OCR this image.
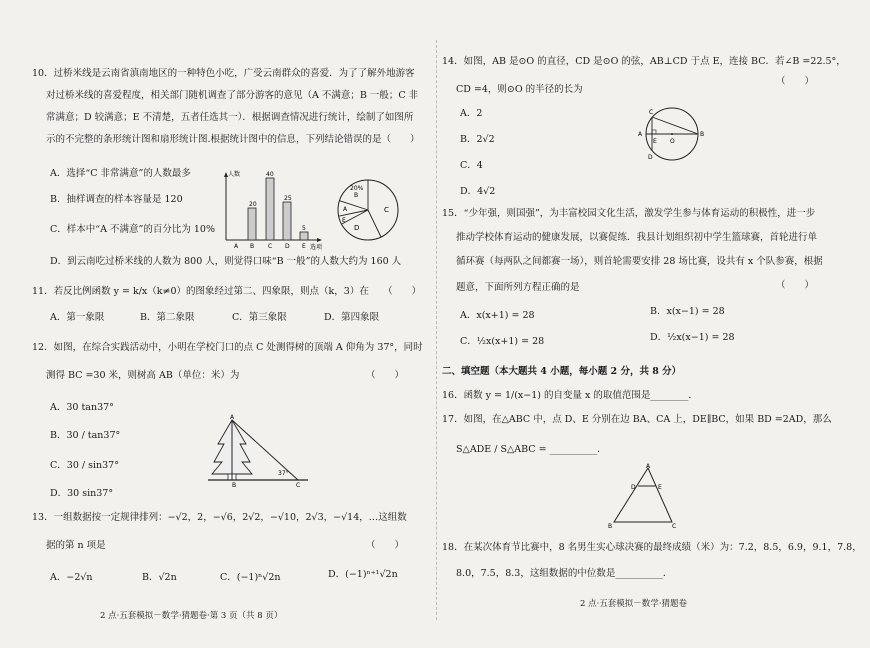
10．过桥米线是云南省滇南地区的一种特色小吃，广受云南群众的喜爱．为了了解外地游客
对过桥米线的喜爱程度，相关部门随机调查了部分游客的意见（A 不满意；B 一般；C 非
常满意；D 较满意；E 不清楚，五者任选其一）．根据调查情况进行统计，绘制了如图所
示的不完整的条形统计图和扇形统计图.根据统计图中的信息，下列结论错误的是（　　）
A．选择“C 非常满意”的人数最多
B．抽样调查的样本容量是 120
C．样本中“A 不满意”的百分比为 10%
D．到云南吃过桥米线的人数为 800 人，则觉得口味“B 一般”的人数大约为 160 人
人数
选项
20
40
25
5
A B C D E
20%
B
A
E
C
D
11．若反比例函数 y = k/x（k≠0）的图象经过第二、四象限，则点（k，3）在　　（　　）
A．第一象限	B．第二象限	C．第三象限	D．第四象限
12．如图，在综合实践活动中，小明在学校门口的点 C 处测得树的顶端 A 仰角为 37°，同时
测得 BC =30 米，则树高 AB（单位：米）为	（　　）
A．30 tan37°
B．30 / tan37°
C．30 / sin37°
D．30 sin37°
A
B	C
37°
13．一组数据按一定规律排列：−√2，2，−√6，2√2，−√10，2√3，−√14，…这组数
据的第 n 项是	（　　）
A．−2√n	B．√2n	C．(−1)ⁿ√2n	D．(−1)ⁿ⁺¹√2n
2 点·五套模拟－数学·猜题卷·第 3 页（共 8 页）
14．如图，AB 是⊙O 的直径，CD 是⊙O 的弦，AB⊥CD 于点 E，连接 BC．若∠B =22.5°，
CD =4，则⊙O 的半径的长为
（　　）
A．2
B．2√2
C．4
D．4√2
C
A	B
D
E O
15．“少年强，则国强”，为丰富校园文化生活，激发学生参与体育运动的积极性，进一步
推动学校体育运动的健康发展，以赛促练．我县计划组织初中学生篮球赛，首轮进行单
循环赛（每两队之间都赛一场），则首轮需要安排 28 场比赛，设共有 x 个队参赛，根据
题意，下面所列方程正确的是	（　　）
A．x(x+1) = 28	B．x(x−1) = 28
C．½x(x+1) = 28	D．½x(x−1) = 28
二、填空题（本大题共 4 小题，每小题 2 分，共 8 分）
16．函数 y = 1/(x−1) 的自变量 x 的取值范围是________．
17．如图，在△ABC 中，点 D、E 分别在边 BA、CA 上，DE∥BC，如果 BD =2AD，那么
S△ADE / S△ABC = __________．
A
B	C
D	E
18．在某次体育节比赛中，8 名男生实心球决赛的最终成绩（米）为：7.2，8.5，6.9，9.1，7.8，
8.0，7.5，8.3，这组数据的中位数是__________．
2 点·五套模拟－数学·猜题卷
